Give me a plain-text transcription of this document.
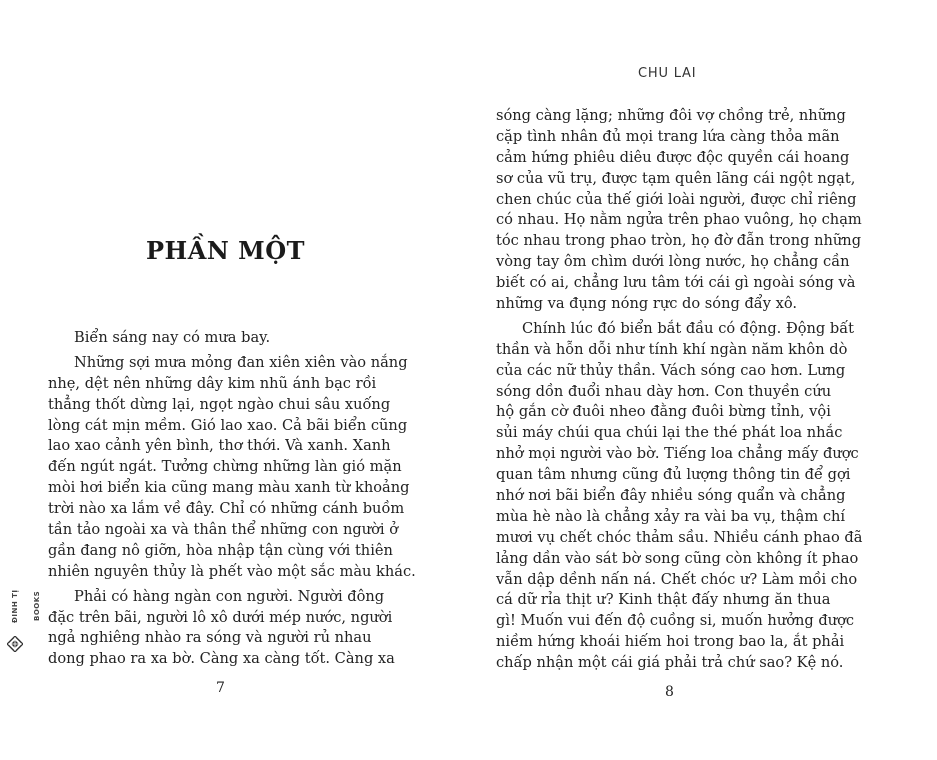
PHẦN MỘT
Biển sáng nay có mưa bay.
Những sợi mưa mỏng đan xiên xiên vào nắng
nhẹ, dệt nên những dây kim nhũ ánh bạc rồi
thẳng thốt dừng lại, ngọt ngào chui sâu xuống
lòng cát mịn mềm. Gió lao xao. Cả bãi biển cũng
lao xao cảnh yên bình, thơ thới. Và xanh. Xanh
đến ngút ngát. Tưởng chừng những làn gió mặn
mòi hơi biển kia cũng mang màu xanh từ khoảng
trời nào xa lắm về đây. Chỉ có những cánh buồm
tần tảo ngoài xa và thân thể những con người ở
gần đang nô giỡn, hòa nhập tận cùng với thiên
nhiên nguyên thủy là phết vào một sắc màu khác.
Phải có hàng ngàn con người. Người đông
đặc trên bãi, người lô xô dưới mép nước, người
ngả nghiêng nhào ra sóng và người rủ nhau
dong phao ra xa bờ. Càng xa càng tốt. Càng xa
7
ĐINH TỊ BOOKS
CHU LAI
sóng càng lặng; những đôi vợ chồng trẻ, những
cặp tình nhân đủ mọi trang lứa càng thỏa mãn
cảm hứng phiêu diêu được độc quyền cái hoang
sơ của vũ trụ, được tạm quên lãng cái ngột ngạt,
chen chúc của thế giới loài người, được chỉ riêng
có nhau. Họ nằm ngửa trên phao vuông, họ chạm
tóc nhau trong phao tròn, họ đờ đẫn trong những
vòng tay ôm chìm dưới lòng nước, họ chẳng cần
biết có ai, chẳng lưu tâm tới cái gì ngoài sóng và
những va đụng nóng rực do sóng đẩy xô.
Chính lúc đó biển bắt đầu có động. Động bất
thần và hỗn dỗi như tính khí ngàn năm khôn dò
của các nữ thủy thần. Vách sóng cao hơn. Lưng
sóng dồn đuổi nhau dày hơn. Con thuyền cứu
hộ gắn cờ đuôi nheo đằng đuôi bừng tỉnh, vội
sủi máy chúi qua chúi lại the thé phát loa nhắc
nhở mọi người vào bờ. Tiếng loa chẳng mấy được
quan tâm nhưng cũng đủ lượng thông tin để gợi
nhớ nơi bãi biển đây nhiều sóng quẩn và chẳng
mùa hè nào là chẳng xảy ra vài ba vụ, thậm chí
mươi vụ chết chóc thảm sầu. Nhiều cánh phao đã
lảng dần vào sát bờ song cũng còn không ít phao
vẫn dập dềnh nấn ná. Chết chóc ư? Làm mồi cho
cá dữ rỉa thịt ư? Kinh thật đấy nhưng ăn thua
gì! Muốn vui đến độ cuồng si, muốn hưởng được
niềm hứng khoái hiếm hoi trong bao la, ắt phải
chấp nhận một cái giá phải trả chứ sao? Kệ nó.
8
